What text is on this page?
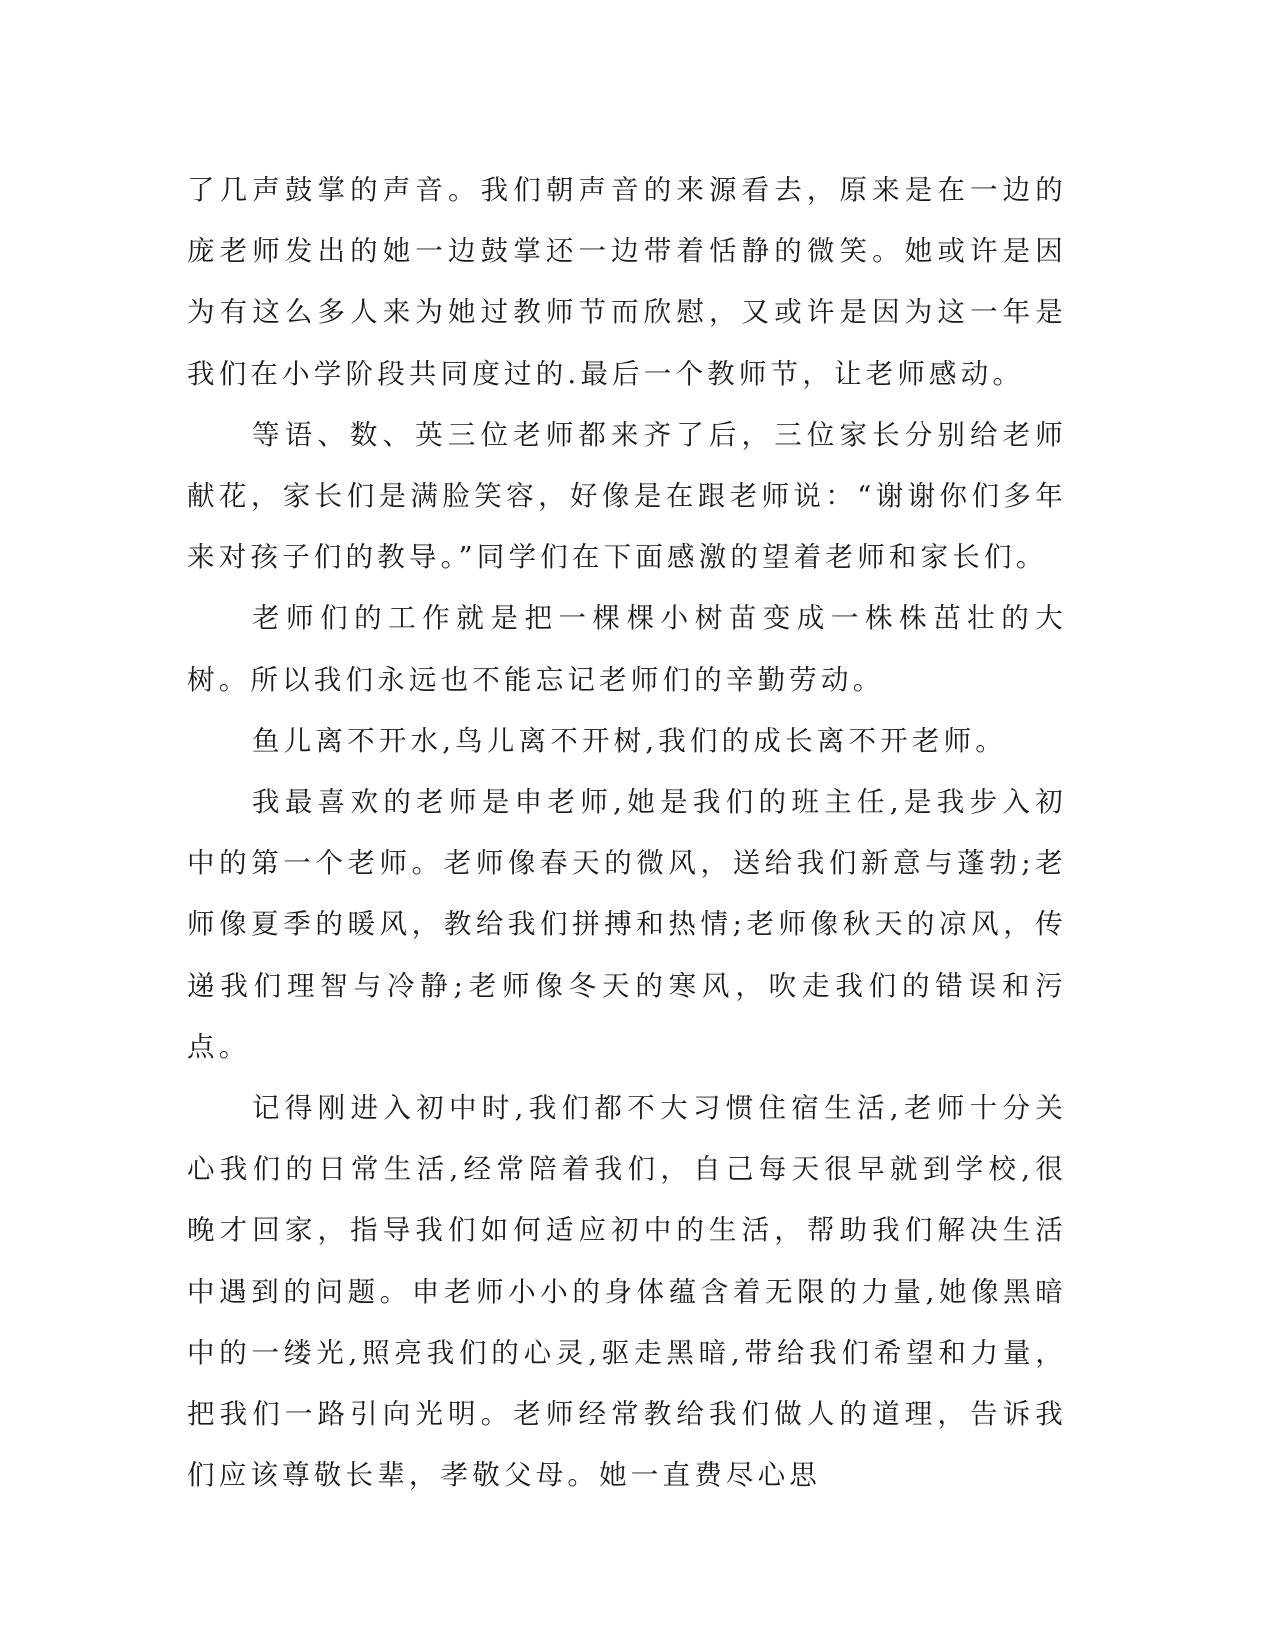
了几声鼓掌的声音。我们朝声音的来源看去，原来是在一边的庞老师发出的她一边鼓掌还一边带着恬静的微笑。她或许是因为有这么多人来为她过教师节而欣慰，又或许是因为这一年是我们在小学阶段共同度过的.最后一个教师节，让老师感动。

等语、数、英三位老师都来齐了后，三位家长分别给老师献花，家长们是满脸笑容，好像是在跟老师说：“谢谢你们多年来对孩子们的教导。”同学们在下面感激的望着老师和家长们。

老师们的工作就是把一棵棵小树苗变成一株株茁壮的大树。所以我们永远也不能忘记老师们的辛勤劳动。

鱼儿离不开水,鸟儿离不开树,我们的成长离不开老师。

我最喜欢的老师是申老师,她是我们的班主任,是我步入初中的第一个老师。老师像春天的微风，送给我们新意与蓬勃;老师像夏季的暖风，教给我们拼搏和热情;老师像秋天的凉风，传递我们理智与冷静;老师像冬天的寒风，吹走我们的错误和污点。

记得刚进入初中时,我们都不大习惯住宿生活,老师十分关心我们的日常生活,经常陪着我们，自己每天很早就到学校,很晚才回家，指导我们如何适应初中的生活，帮助我们解决生活中遇到的问题。申老师小小的身体蕴含着无限的力量,她像黑暗中的一缕光,照亮我们的心灵,驱走黑暗,带给我们希望和力量，把我们一路引向光明。老师经常教给我们做人的道理，告诉我们应该尊敬长辈，孝敬父母。她一直费尽心思
